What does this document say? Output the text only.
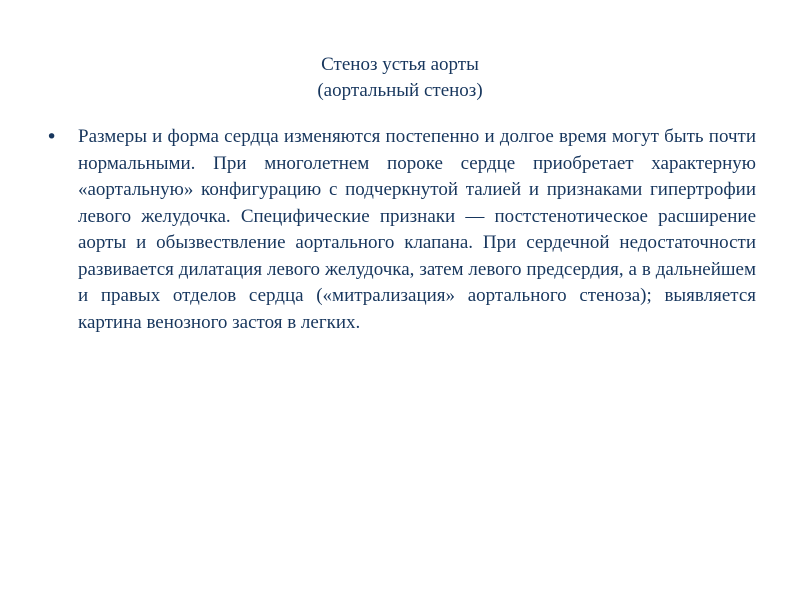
Стеноз устья аорты
(аортальный стеноз)
•	Размеры и форма сердца изменяются постепенно и долгое время могут быть почти нормальными. При многолетнем пороке сердце приобретает характерную «аортальную» конфигурацию с подчеркнутой талией и признаками гипертрофии левого желудочка. Специфические признаки — постстенотическое расширение аорты и обызвествление аортального клапана. При сердечной недостаточности развивается дилатация левого желудочка, затем левого предсердия, а в дальнейшем и правых отделов сердца («митрализация» аортального стеноза); выявляется картина венозного застоя в легких.
